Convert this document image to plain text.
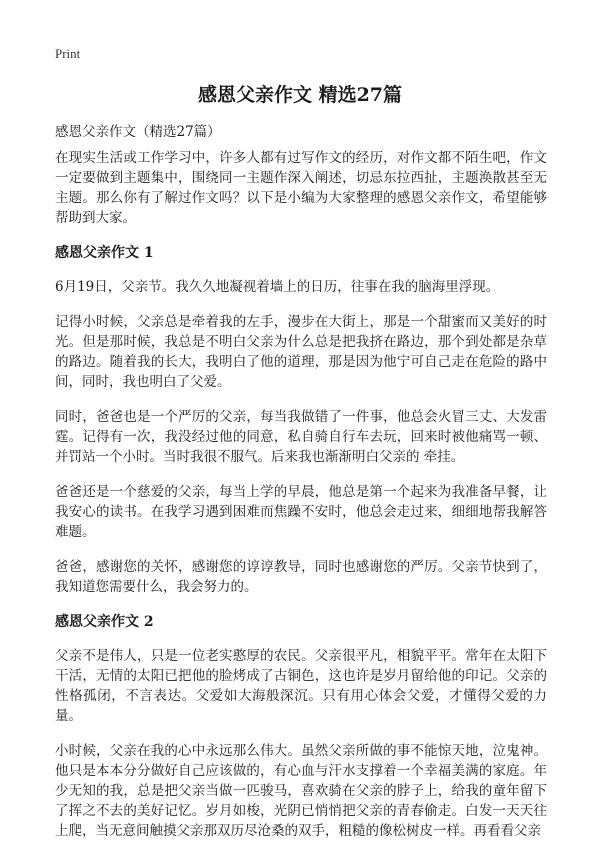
Print
感恩父亲作文 精选27篇

感恩父亲作文（精选27篇）

在现实生活或工作学习中，许多人都有过写作文的经历，对作文都不陌生吧，作文一定要做到主题集中，围绕同一主题作深入阐述，切忌东拉西扯，主题涣散甚至无主题。那么你有了解过作文吗？以下是小编为大家整理的感恩父亲作文，希望能够帮助到大家。

感恩父亲作文 1

6月19日，父亲节。我久久地凝视着墙上的日历，往事在我的脑海里浮现。

记得小时候，父亲总是牵着我的左手，漫步在大街上，那是一个甜蜜而又美好的时光。但是那时候，我总是不明白父亲为什么总是把我挤在路边，那个到处都是杂草的路边。随着我的长大，我明白了他的道理，那是因为他宁可自己走在危险的路中间，同时，我也明白了父爱。

同时，爸爸也是一个严厉的父亲，每当我做错了一件事，他总会火冒三丈、大发雷霆。记得有一次，我没经过他的同意，私自骑自行车去玩，回来时被他痛骂一顿、并罚站一个小时。当时我很不服气。后来我也渐渐明白父亲的 牵挂。

爸爸还是一个慈爱的父亲，每当上学的早晨，他总是第一个起来为我准备早餐，让我安心的读书。在我学习遇到困难而焦躁不安时，他总会走过来，细细地帮我解答难题。

爸爸，感谢您的关怀，感谢您的谆谆教导，同时也感谢您的严厉。父亲节快到了，我知道您需要什么，我会努力的。

感恩父亲作文 2

父亲不是伟人，只是一位老实憨厚的农民。父亲很平凡，相貌平平。常年在太阳下干活，无情的太阳已把他的脸烤成了古铜色，这也许是岁月留给他的印记。父亲的性格孤闭，不言表达。父爱如大海般深沉。只有用心体会父爱，才懂得父爱的力量。

小时候，父亲在我的心中永远那么伟大。虽然父亲所做的事不能惊天地，泣鬼神。他只是本本分分做好自己应该做的，有心血与汗水支撑着一个幸福美满的家庭。年少无知的我，总是把父亲当做一匹骏马，喜欢骑在父亲的脖子上，给我的童年留下了挥之不去的美好记忆。岁月如梭，光阴已悄悄把父亲的青春偷走。白发一天天往上爬，当无意间触摸父亲那双历尽沧桑的双手，粗糙的像松树皮一样。再看看父亲
